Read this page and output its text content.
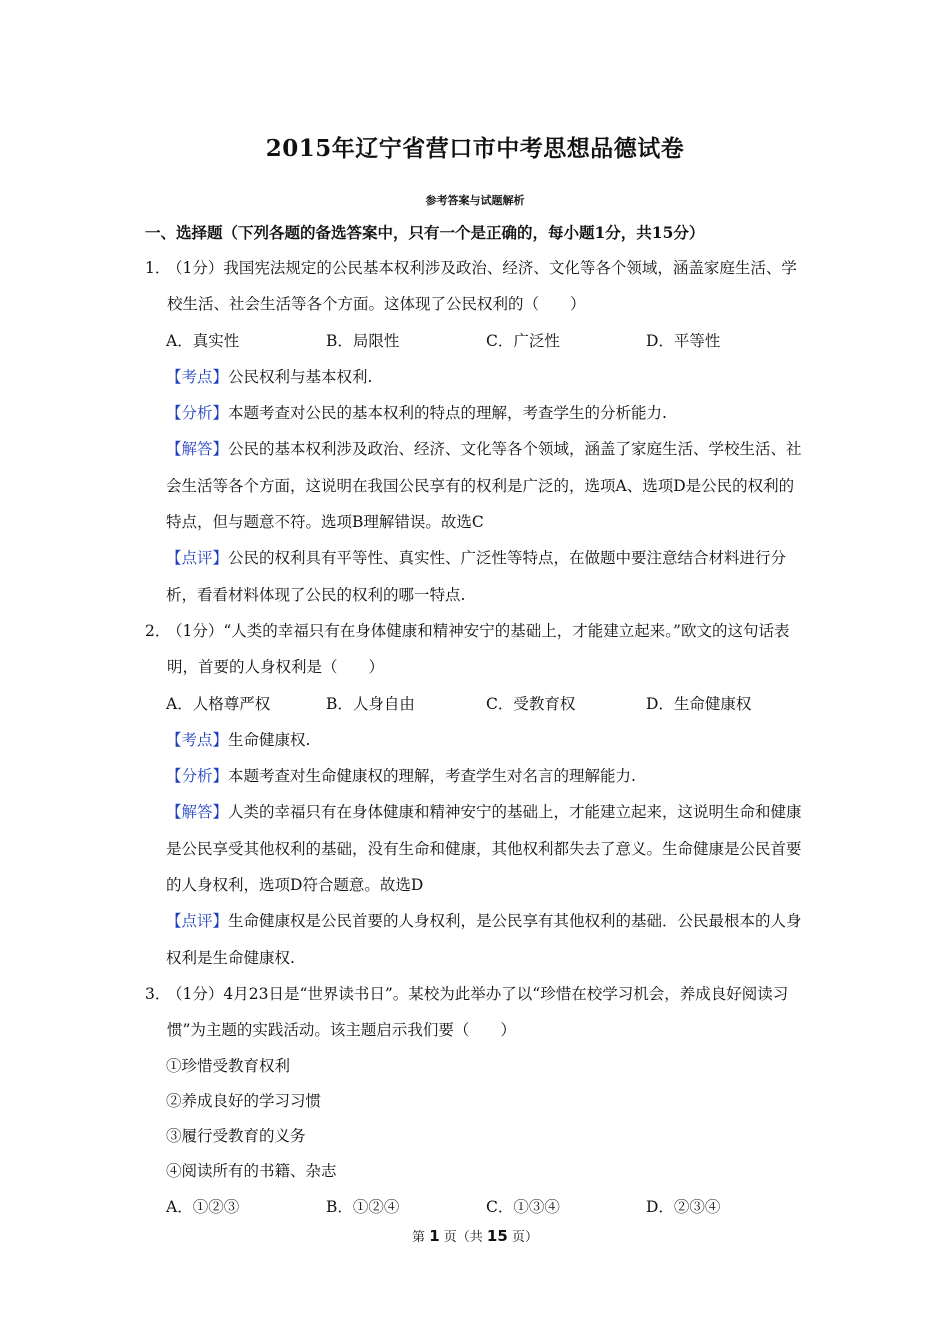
2015年辽宁省营口市中考思想品德试卷
参考答案与试题解析
一、选择题（下列各题的备选答案中，只有一个是正确的，每小题1分，共15分）
1．
（1分）我国宪法规定的公民基本权利涉及政治、经济、文化等各个领域，涵盖家庭生活、学校生活、社会生活等各个方面。这体现了公民权利的（　　）
A．真实性	B．局限性	C．广泛性	D．平等性
【考点】公民权利与基本权利.
【分析】本题考查对公民的基本权利的特点的理解，考查学生的分析能力.
【解答】公民的基本权利涉及政治、经济、文化等各个领域，涵盖了家庭生活、学校生活、社会生活等各个方面，这说明在我国公民享有的权利是广泛的，选项A、选项D是公民的权利的特点，但与题意不符。选项B理解错误。故选C
【点评】公民的权利具有平等性、真实性、广泛性等特点，在做题中要注意结合材料进行分析，看看材料体现了公民的权利的哪一特点.
2．
（1分）“人类的幸福只有在身体健康和精神安宁的基础上，才能建立起来。”欧文的这句话表明，首要的人身权利是（　　）
A．人格尊严权	B．人身自由	C．受教育权	D．生命健康权
【考点】生命健康权.
【分析】本题考查对生命健康权的理解，考查学生对名言的理解能力.
【解答】人类的幸福只有在身体健康和精神安宁的基础上，才能建立起来，这说明生命和健康是公民享受其他权利的基础，没有生命和健康，其他权利都失去了意义。生命健康是公民首要的人身权利，选项D符合题意。故选D
【点评】生命健康权是公民首要的人身权利，是公民享有其他权利的基础．公民最根本的人身权利是生命健康权.
3．
（1分）4月23日是“世界读书日”。某校为此举办了以“珍惜在校学习机会，养成良好阅读习惯”为主题的实践活动。该主题启示我们要（　　）
①珍惜受教育权利
②养成良好的学习习惯
③履行受教育的义务
④阅读所有的书籍、杂志
A．①②③	B．①②④	C．①③④	D．②③④
第 1 页（共 15 页）
